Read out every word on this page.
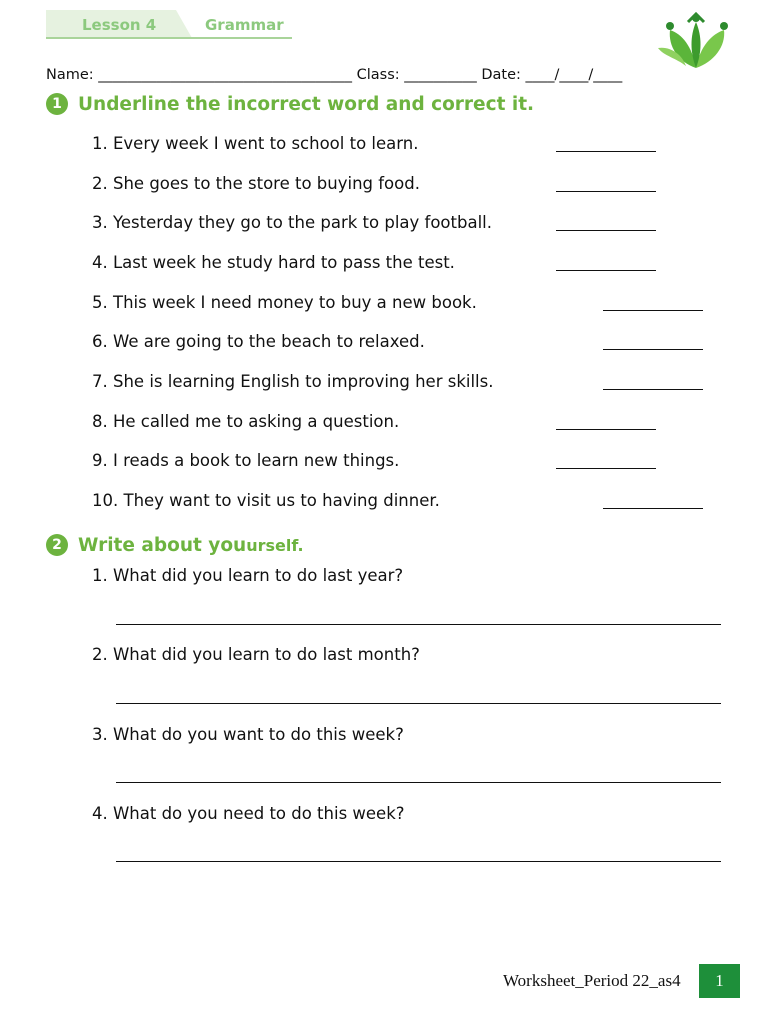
Lesson 4	Grammar
Name: ___________________________________ Class: __________ Date: ____/____/____
1 Underline the incorrect word and correct it.
1. Every week I went to school to learn.
2. She goes to the store to buying food.
3. Yesterday they go to the park to play football.
4. Last week he study hard to pass the test.
5. This week I need money to buy a new book.
6. We are going to the beach to relaxed.
7. She is learning English to improving her skills.
8. He called me to asking a question.
9. I reads a book to learn new things.
10. They want to visit us to having dinner.
2 Write about youurself.
1. What did you learn to do last year?
2. What did you learn to do last month?
3. What do you want to do this week?
4. What do you need to do this week?
Worksheet_Period 22_as4	1
